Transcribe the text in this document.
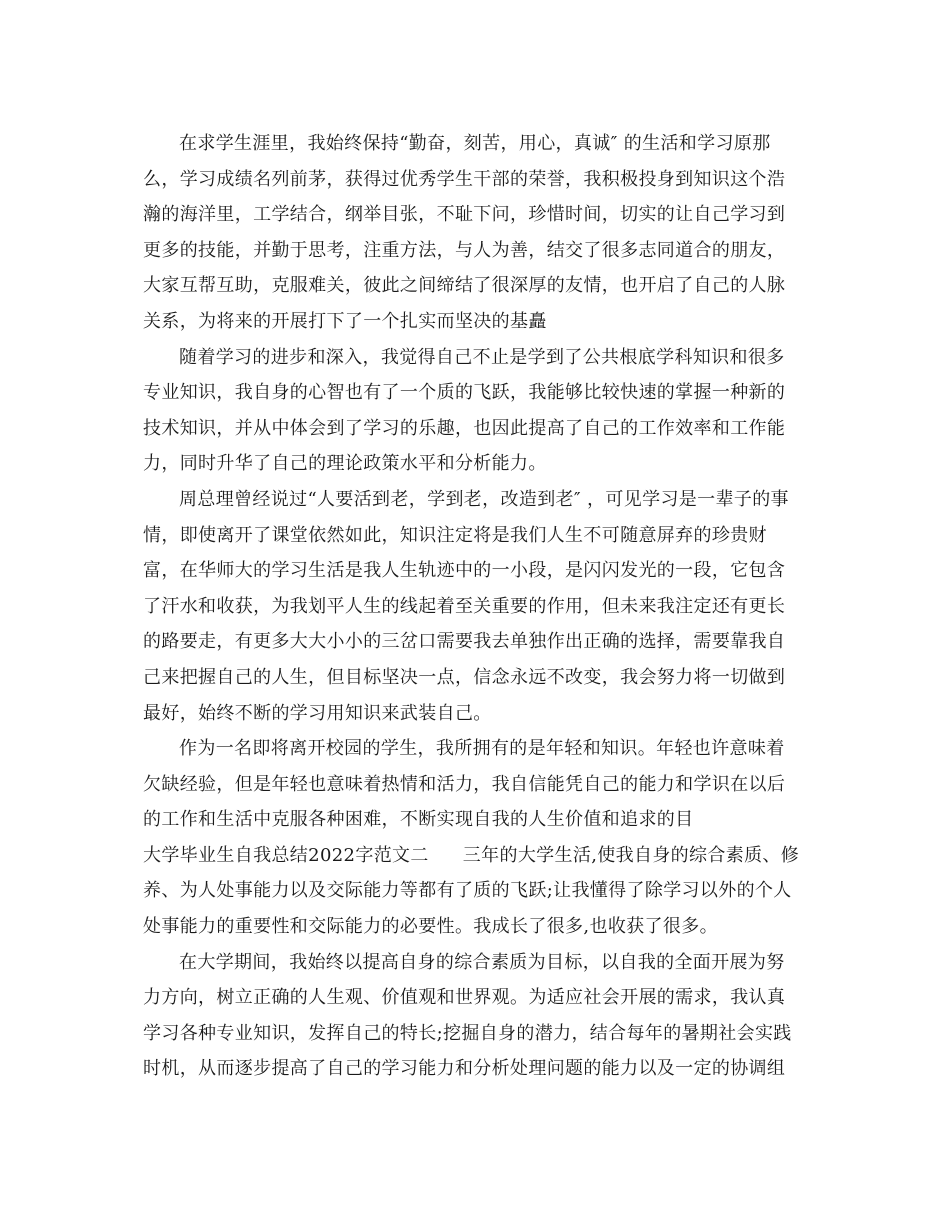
在求学生涯里，我始终保持“勤奋，刻苦，用心，真诚″ 的生活和学习原那
么，学习成绩名列前茅，获得过优秀学生干部的荣誉，我积极投身到知识这个浩
瀚的海洋里，工学结合，纲举目张，不耻下问，珍惜时间，切实的让自己学习到
更多的技能，并勤于思考，注重方法，与人为善，结交了很多志同道合的朋友，
大家互帮互助，克服难关，彼此之间缔结了很深厚的友情，也开启了自己的人脉
关系，为将来的开展打下了一个扎实而坚决的基矗
随着学习的进步和深入，我觉得自己不止是学到了公共根底学科知识和很多
专业知识，我自身的心智也有了一个质的飞跃，我能够比较快速的掌握一种新的
技术知识，并从中体会到了学习的乐趣，也因此提高了自己的工作效率和工作能
力，同时升华了自己的理论政策水平和分析能力。
周总理曾经说过“人要活到老，学到老，改造到老″ ，可见学习是一辈子的事
情，即使离开了课堂依然如此，知识注定将是我们人生不可随意屏弃的珍贵财
富，在华师大的学习生活是我人生轨迹中的一小段，是闪闪发光的一段，它包含
了汗水和收获，为我划平人生的线起着至关重要的作用，但未来我注定还有更长
的路要走，有更多大大小小的三岔口需要我去单独作出正确的选择，需要靠我自
己来把握自己的人生，但目标坚决一点，信念永远不改变，我会努力将一切做到
最好，始终不断的学习用知识来武装自己。
作为一名即将离开校园的学生，我所拥有的是年轻和知识。年轻也许意味着
欠缺经验，但是年轻也意味着热情和活力，我自信能凭自己的能力和学识在以后
的工作和生活中克服各种困难，不断实现自我的人生价值和追求的目
大学毕业生自我总结2022字范文二 三年的大学生活,使我自身的综合素质、修
养、为人处事能力以及交际能力等都有了质的飞跃;让我懂得了除学习以外的个人
处事能力的重要性和交际能力的必要性。我成长了很多,也收获了很多。
在大学期间，我始终以提高自身的综合素质为目标，以自我的全面开展为努
力方向，树立正确的人生观、价值观和世界观。为适应社会开展的需求，我认真
学习各种专业知识，发挥自己的特长;挖掘自身的潜力，结合每年的暑期社会实践
时机，从而逐步提高了自己的学习能力和分析处理问题的能力以及一定的协调组
